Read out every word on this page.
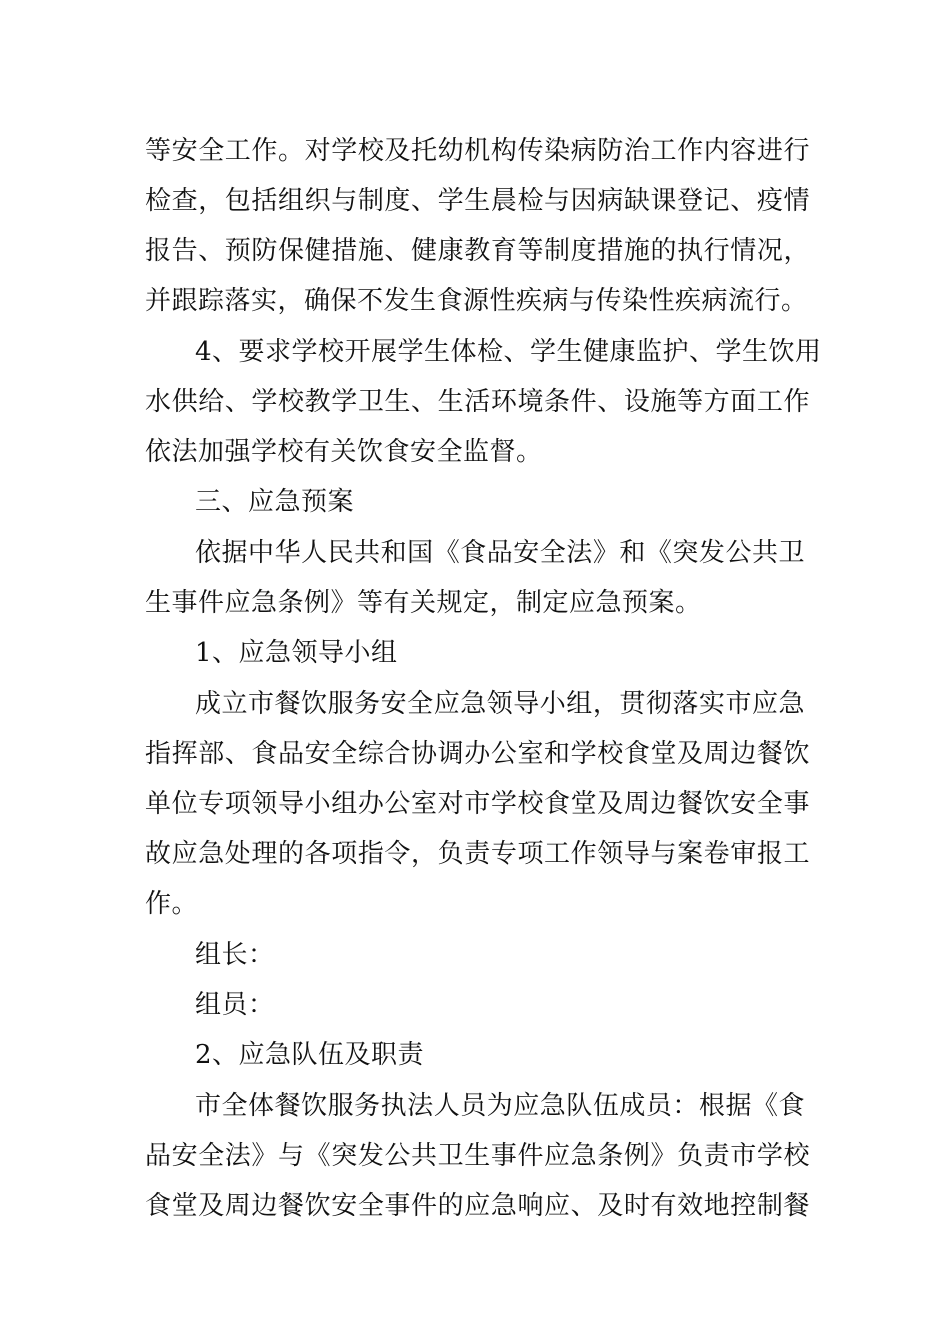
等安全工作。对学校及托幼机构传染病防治工作内容进行
检查，包括组织与制度、学生晨检与因病缺课登记、疫情
报告、预防保健措施、健康教育等制度措施的执行情况，
并跟踪落实，确保不发生食源性疾病与传染性疾病流行。
4、要求学校开展学生体检、学生健康监护、学生饮用
水供给、学校教学卫生、生活环境条件、设施等方面工作
依法加强学校有关饮食安全监督。
三、应急预案
依据中华人民共和国《食品安全法》和《突发公共卫
生事件应急条例》等有关规定，制定应急预案。
1、应急领导小组
成立市餐饮服务安全应急领导小组，贯彻落实市应急
指挥部、食品安全综合协调办公室和学校食堂及周边餐饮
单位专项领导小组办公室对市学校食堂及周边餐饮安全事
故应急处理的各项指令，负责专项工作领导与案卷审报工
作。
组长：
组员：
2、应急队伍及职责
市全体餐饮服务执法人员为应急队伍成员：根据《食
品安全法》与《突发公共卫生事件应急条例》负责市学校
食堂及周边餐饮安全事件的应急响应、及时有效地控制餐
